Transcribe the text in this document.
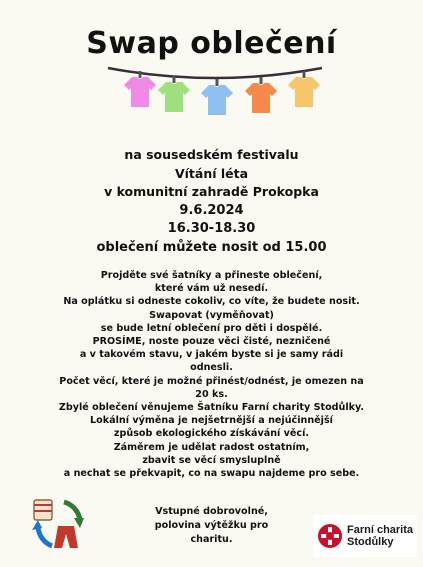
Swap oblečení
na sousedském festivalu
Vítání léta
v komunitní zahradě Prokopka
9.6.2024
16.30-18.30
oblečení můžete nosit od 15.00
Projděte své šatníky a přineste oblečení,
které vám už nesedí.
Na oplátku si odneste cokoliv, co víte, že budete nosit.
Swapovat (vyměňovat)
se bude letní oblečení pro děti i dospělé.
PROSÍME, noste pouze věci čisté, nezničené
a v takovém stavu, v jakém byste si je samy rádi
odnesli.
Počet věcí, které je možné přinést/odnést, je omezen na
20 ks.
Zbylé oblečení věnujeme Šatníku Farní charity Stodůlky.
Lokální výměna je nejšetrnější a nejúčinnější
způsob ekologického získávání věcí.
Záměrem je udělat radost ostatním,
zbavit se věcí smysluplně
a nechat se překvapit, co na swapu najdeme pro sebe.
Vstupné dobrovolné,
polovina výtěžku pro
charitu.
Farní charita
Stodůlky
